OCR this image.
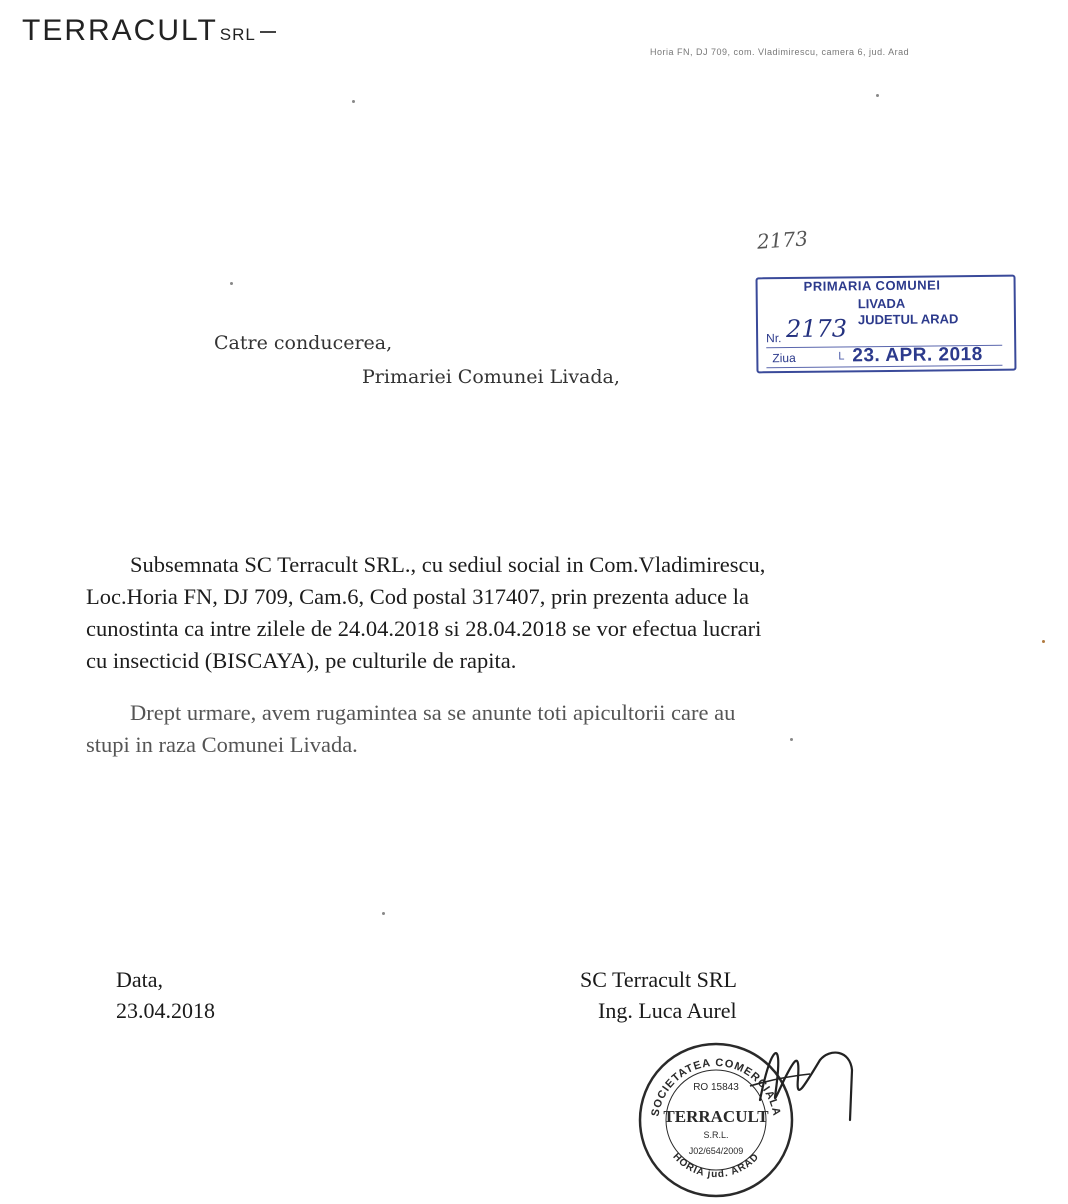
TERRACULT SRL
Horia FN, DJ 709, com. Vladimirescu, camera 6, jud. Arad
2173
PRIMARIA COMUNEI
LIVADA
JUDETUL ARAD
Nr. 2173
Ziua	L 23. APR. 2018
Catre conducerea,
Primariei Comunei Livada,
Subsemnata SC Terracult SRL., cu sediul social in Com.Vladimirescu,
Loc.Horia FN, DJ 709, Cam.6, Cod postal 317407, prin prezenta aduce la
cunostinta ca intre zilele de 24.04.2018 si 28.04.2018 se vor efectua lucrari
cu insecticid (BISCAYA), pe culturile de rapita.
Drept urmare, avem rugamintea sa se anunte toti apicultorii care au
stupi in raza Comunei Livada.
Data,
23.04.2018
SC Terracult SRL
Ing. Luca Aurel
SOCIETATEA COMERCIALA
RO 15843
TERRACULT
S.R.L.
J02/654/2009
HORIA jud. ARAD
